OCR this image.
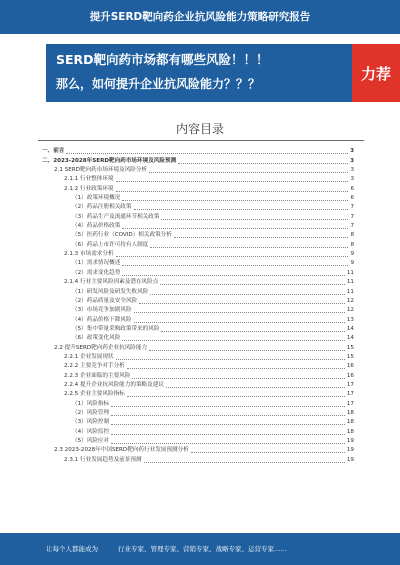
提升SERD靶向药企业抗风险能力策略研究报告
SERD靶向药市场都有哪些风险！！！
那么，如何提升企业抗风险能力？？？
力荐
内容目录
一、前言	3
二、2023-2028年SERD靶向药市场环境及风险预测	3
2.1 SERD靶向药市场环境及风险分析	3
2.1.1 行业整体环境	3
2.1.2 行业政策环境	6
（1）政策环境概况	6
（2）药品注册相关政策	7
（3）药品生产及流通环节相关政策	7
（4）药品价格政策	7
（5）医药行业（COVID）相关政策分析	8
（6）药品上市许可持有人制度	8
2.1.3 市场需求分析	9
（1）需求情况概述	9
（2）需求变化趋势	11
2.1.4 行业主要风险因素及潜在风险点	11
（1）研发风险及研发失败风险	11
（2）药品质量及安全风险	12
（3）市场竞争加剧风险	12
（4）药品价格下降风险	13
（5）集中带量采购政策带来的风险	14
（6）政策变化风险	14
2.2 提升SERD靶向药企业抗风险能力	15
2.2.1 企业发展现状	15
2.2.2 主要竞争对手分析	16
2.2.3 企业面临的主要风险	16
2.2.4 提升企业抗风险能力的策略及建议	17
2.2.5 企业主要风险指标	17
（1）风险指标	17
（2）风险管理	18
（3）风险控制	18
（4）风险监控	18
（5）风险应对	19
2.3 2023-2028年中国SERD靶向药行业发展预测分析	19
2.3.1 行业发展趋势及前景预测	19
让每个人都能成为	行业专家、管理专家、营销专家、战略专家、运营专家……
